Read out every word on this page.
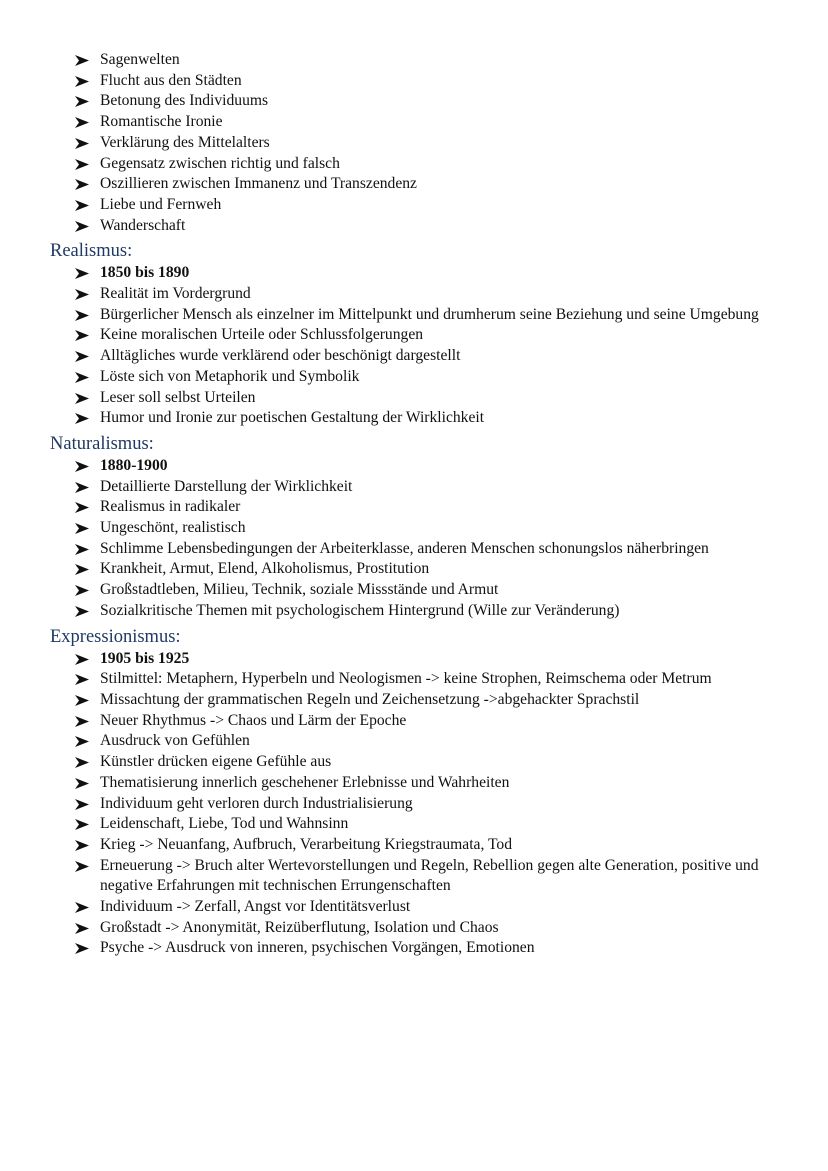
Sagenwelten
Flucht aus den Städten
Betonung des Individuums
Romantische Ironie
Verklärung des Mittelalters
Gegensatz zwischen richtig und falsch
Oszillieren zwischen Immanenz und Transzendenz
Liebe und Fernweh
Wanderschaft
Realismus:
1850 bis 1890
Realität im Vordergrund
Bürgerlicher Mensch als einzelner im Mittelpunkt und drumherum seine Beziehung und seine Umgebung
Keine moralischen Urteile oder Schlussfolgerungen
Alltägliches wurde verklärend oder beschönigt dargestellt
Löste sich von Metaphorik und Symbolik
Leser soll selbst Urteilen
Humor und Ironie zur poetischen Gestaltung der Wirklichkeit
Naturalismus:
1880-1900
Detaillierte Darstellung der Wirklichkeit
Realismus in radikaler
Ungeschönt, realistisch
Schlimme Lebensbedingungen der Arbeiterklasse, anderen Menschen schonungslos näherbringen
Krankheit, Armut, Elend, Alkoholismus, Prostitution
Großstadtleben, Milieu, Technik, soziale Missstände und Armut
Sozialkritische Themen mit psychologischem Hintergrund (Wille zur Veränderung)
Expressionismus:
1905 bis 1925
Stilmittel: Metaphern, Hyperbeln und Neologismen -> keine Strophen, Reimschema oder Metrum
Missachtung der grammatischen Regeln und Zeichensetzung ->abgehackter Sprachstil
Neuer Rhythmus -> Chaos und Lärm der Epoche
Ausdruck von Gefühlen
Künstler drücken eigene Gefühle aus
Thematisierung innerlich geschehener Erlebnisse und Wahrheiten
Individuum geht verloren durch Industrialisierung
Leidenschaft, Liebe, Tod und Wahnsinn
Krieg -> Neuanfang, Aufbruch, Verarbeitung Kriegstraumata, Tod
Erneuerung -> Bruch alter Wertevorstellungen und Regeln, Rebellion gegen alte Generation, positive und negative Erfahrungen mit technischen Errungenschaften
Individuum -> Zerfall, Angst vor Identitätsverlust
Großstadt -> Anonymität, Reizüberflutung, Isolation und Chaos
Psyche -> Ausdruck von inneren, psychischen Vorgängen, Emotionen
